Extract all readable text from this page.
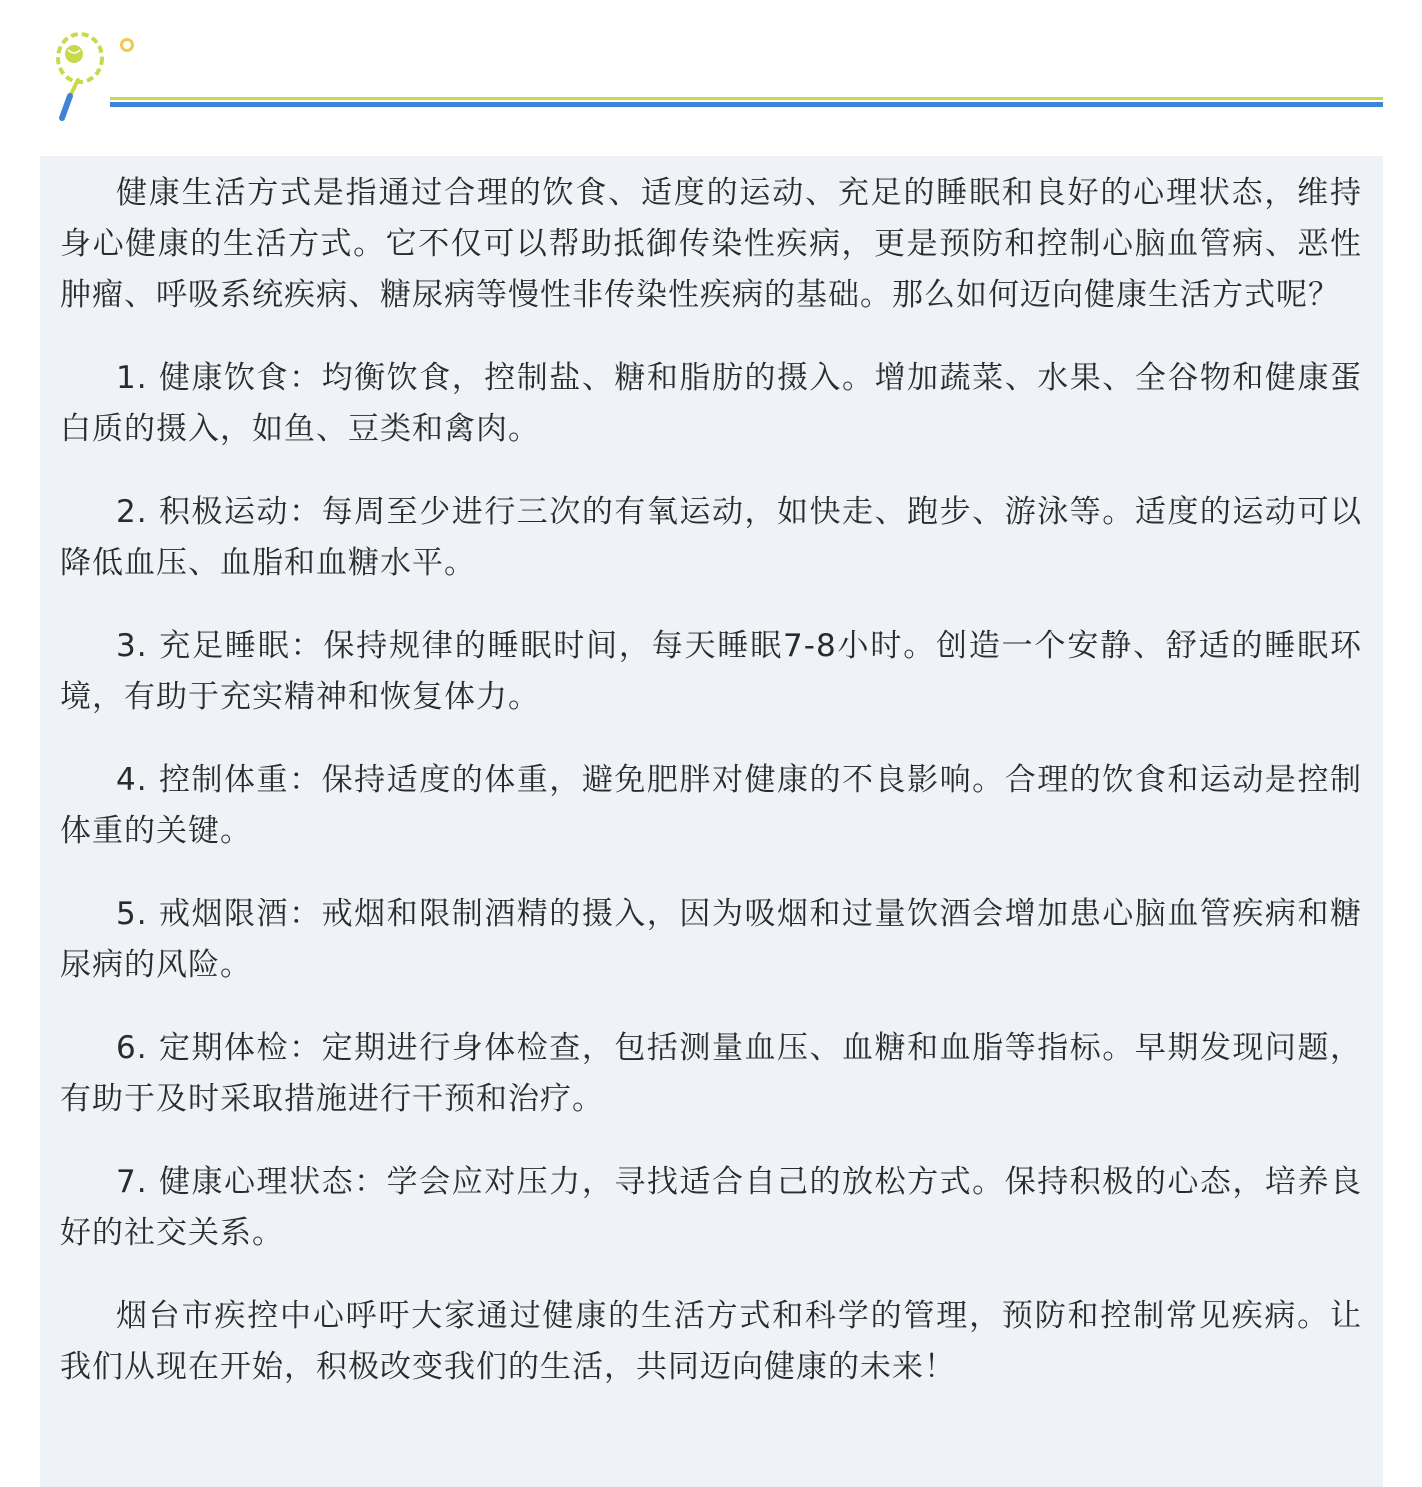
健康生活方式是指通过合理的饮食、适度的运动、充足的睡眠和良好的心理状态，维持身心健康的生活方式。它不仅可以帮助抵御传染性疾病，更是预防和控制心脑血管病、恶性肿瘤、呼吸系统疾病、糖尿病等慢性非传染性疾病的基础。那么如何迈向健康生活方式呢？

1. 健康饮食：均衡饮食，控制盐、糖和脂肪的摄入。增加蔬菜、水果、全谷物和健康蛋白质的摄入，如鱼、豆类和禽肉。

2. 积极运动：每周至少进行三次的有氧运动，如快走、跑步、游泳等。适度的运动可以降低血压、血脂和血糖水平。

3. 充足睡眠：保持规律的睡眠时间，每天睡眠7-8小时。创造一个安静、舒适的睡眠环境，有助于充实精神和恢复体力。

4. 控制体重：保持适度的体重，避免肥胖对健康的不良影响。合理的饮食和运动是控制体重的关键。

5. 戒烟限酒：戒烟和限制酒精的摄入，因为吸烟和过量饮酒会增加患心脑血管疾病和糖尿病的风险。

6. 定期体检：定期进行身体检查，包括测量血压、血糖和血脂等指标。早期发现问题，有助于及时采取措施进行干预和治疗。

7. 健康心理状态：学会应对压力，寻找适合自己的放松方式。保持积极的心态，培养良好的社交关系。

烟台市疾控中心呼吁大家通过健康的生活方式和科学的管理，预防和控制常见疾病。让我们从现在开始，积极改变我们的生活，共同迈向健康的未来！
